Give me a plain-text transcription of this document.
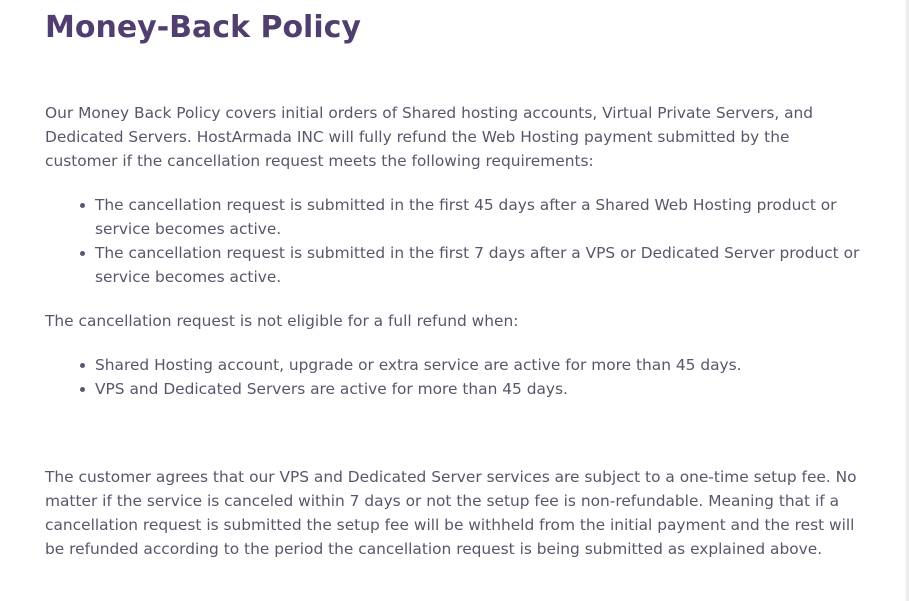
Money-Back Policy

Our Money Back Policy covers initial orders of Shared hosting accounts, Virtual Private Servers, and Dedicated Servers. HostArmada INC will fully refund the Web Hosting payment submitted by the customer if the cancellation request meets the following requirements:

The cancellation request is submitted in the first 45 days after a Shared Web Hosting product or service becomes active.
The cancellation request is submitted in the first 7 days after a VPS or Dedicated Server product or service becomes active.

The cancellation request is not eligible for a full refund when:

Shared Hosting account, upgrade or extra service are active for more than 45 days.
VPS and Dedicated Servers are active for more than 45 days.

The customer agrees that our VPS and Dedicated Server services are subject to a one-time setup fee. No matter if the service is canceled within 7 days or not the setup fee is non-refundable. Meaning that if a cancellation request is submitted the setup fee will be withheld from the initial payment and the rest will be refunded according to the period the cancellation request is being submitted as explained above.
